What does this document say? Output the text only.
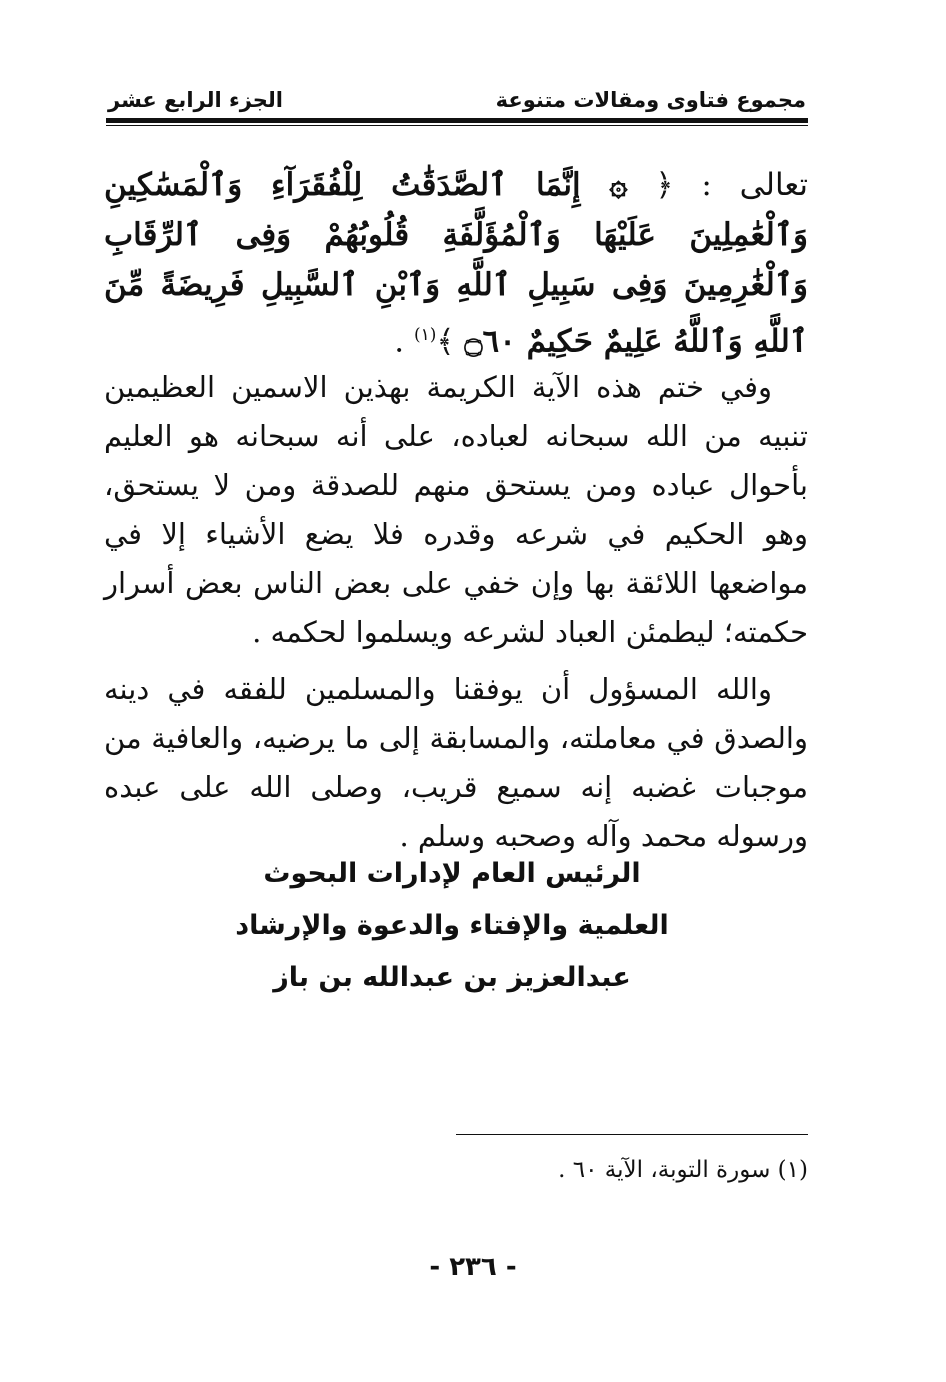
مجموع فتاوى ومقالات متنوعة
الجزء الرابع عشر
تعالى : ﴿ ۞ إِنَّمَا ٱلصَّدَقَٰتُ لِلْفُقَرَآءِ وَٱلْمَسَٰكِينِ وَٱلْعَٰمِلِينَ عَلَيْهَا وَٱلْمُؤَلَّفَةِ قُلُوبُهُمْ وَفِى ٱلرِّقَابِ وَٱلْغَٰرِمِينَ وَفِى سَبِيلِ ٱللَّهِ وَٱبْنِ ٱلسَّبِيلِ فَرِيضَةً مِّنَ ٱللَّهِ وَٱللَّهُ عَلِيمٌ حَكِيمٌ ۝٦٠ ﴾$^{(١)}$ .

وفي ختم هذه الآية الكريمة بهذين الاسمين العظيمين تنبيه من الله سبحانه لعباده، على أنه سبحانه هو العليم بأحوال عباده ومن يستحق منهم للصدقة ومن لا يستحق، وهو الحكيم في شرعه وقدره فلا يضع الأشياء إلا في مواضعها اللائقة بها وإن خفي على بعض الناس بعض أسرار حكمته؛ ليطمئن العباد لشرعه ويسلموا لحكمه .

والله المسؤول أن يوفقنا والمسلمين للفقه في دينه والصدق في معاملته، والمسابقة إلى ما يرضيه، والعافية من موجبات غضبه إنه سميع قريب، وصلى الله على عبده ورسوله محمد وآله وصحبه وسلم .

الرئيس العام لإدارات البحوث
العلمية والإفتاء والدعوة والإرشاد
عبدالعزيز بن عبدالله بن باز
(١) سورة التوبة، الآية ٦٠ .
- ٢٣٦ -
